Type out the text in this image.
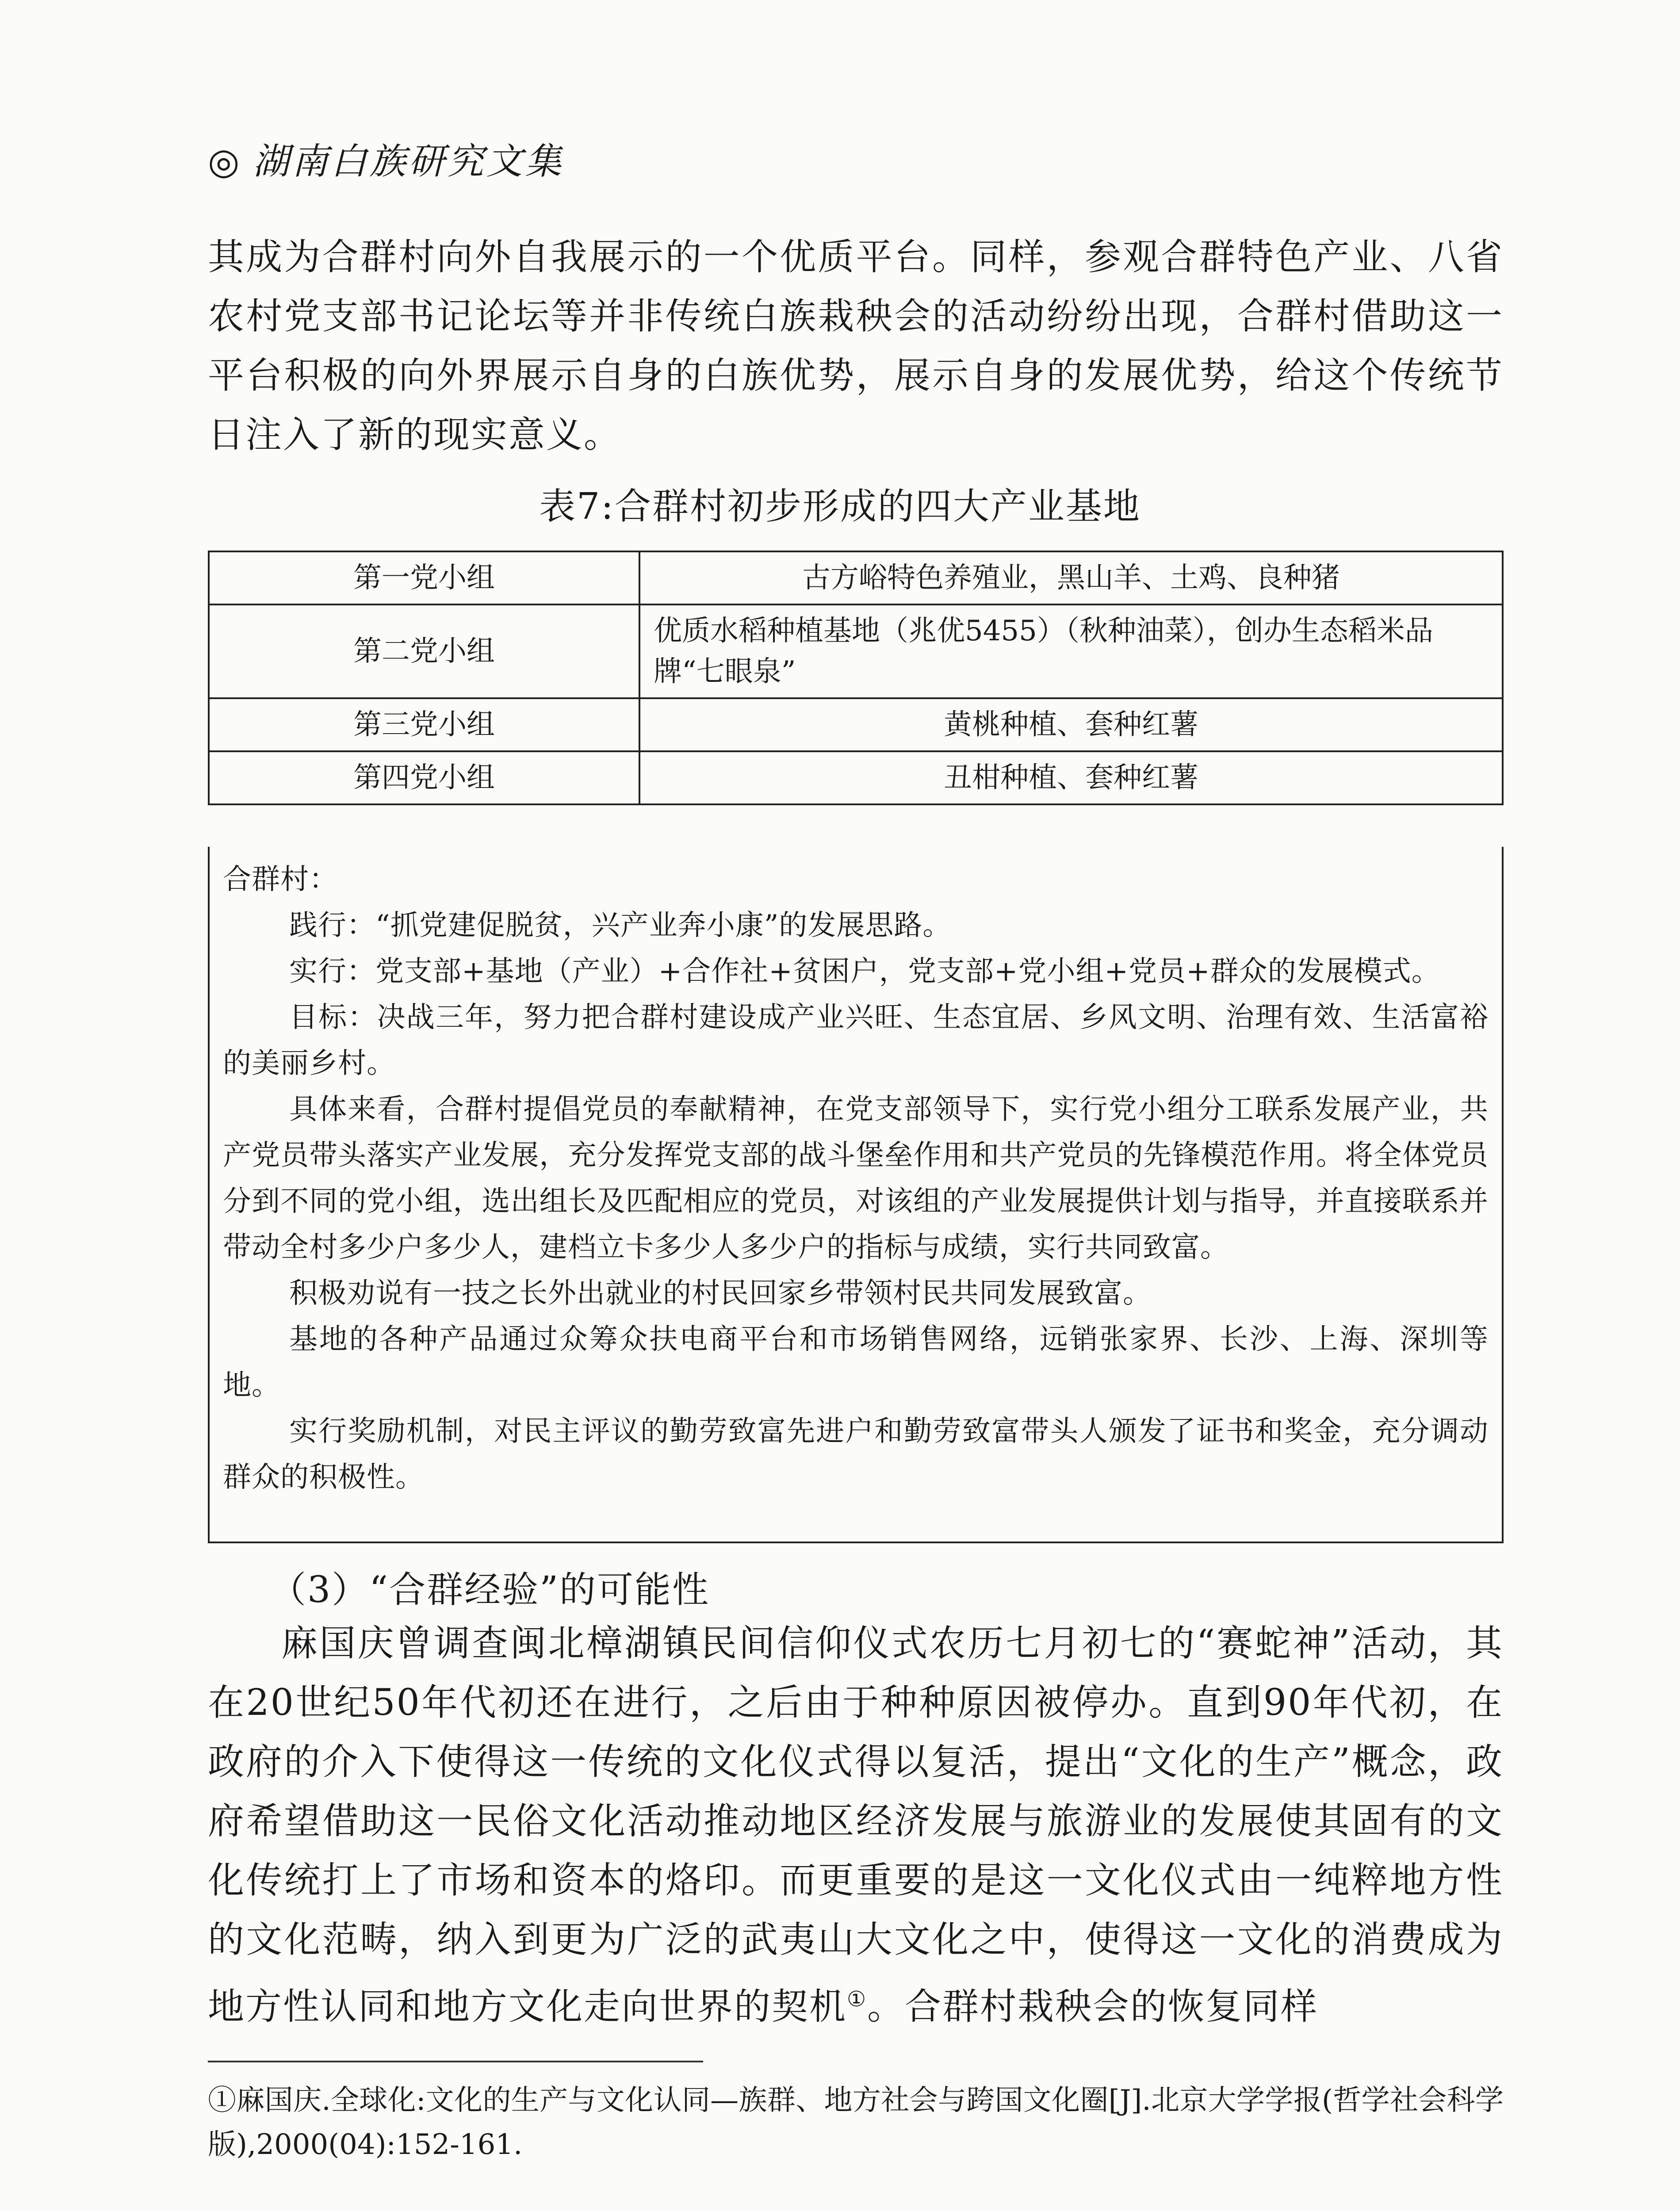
◎ 湖南白族研究文集
其成为合群村向外自我展示的一个优质平台。同样，参观合群特色产业、八省农村党支部书记论坛等并非传统白族栽秧会的活动纷纷出现，合群村借助这一平台积极的向外界展示自身的白族优势，展示自身的发展优势，给这个传统节日注入了新的现实意义。
表7:合群村初步形成的四大产业基地
第一党小组	古方峪特色养殖业，黑山羊、土鸡、良种猪
第二党小组	优质水稻种植基地（兆优5455）（秋种油菜），创办生态稻米品牌“七眼泉”
第三党小组	黄桃种植、套种红薯
第四党小组	丑柑种植、套种红薯

合群村：

践行：“抓党建促脱贫，兴产业奔小康”的发展思路。

实行：党支部+基地（产业）+合作社+贫困户，党支部+党小组+党员+群众的发展模式。

目标：决战三年，努力把合群村建设成产业兴旺、生态宜居、乡风文明、治理有效、生活富裕的美丽乡村。

具体来看，合群村提倡党员的奉献精神，在党支部领导下，实行党小组分工联系发展产业，共产党员带头落实产业发展，充分发挥党支部的战斗堡垒作用和共产党员的先锋模范作用。将全体党员分到不同的党小组，选出组长及匹配相应的党员，对该组的产业发展提供计划与指导，并直接联系并带动全村多少户多少人，建档立卡多少人多少户的指标与成绩，实行共同致富。

积极劝说有一技之长外出就业的村民回家乡带领村民共同发展致富。

基地的各种产品通过众筹众扶电商平台和市场销售网络，远销张家界、长沙、上海、深圳等地。

实行奖励机制，对民主评议的勤劳致富先进户和勤劳致富带头人颁发了证书和奖金，充分调动群众的积极性。

（3）“合群经验”的可能性
麻国庆曾调查闽北樟湖镇民间信仰仪式农历七月初七的“赛蛇神”活动，其在20世纪50年代初还在进行，之后由于种种原因被停办。直到90年代初，在政府的介入下使得这一传统的文化仪式得以复活，提出“文化的生产”概念，政府希望借助这一民俗文化活动推动地区经济发展与旅游业的发展使其固有的文化传统打上了市场和资本的烙印。而更重要的是这一文化仪式由一纯粹地方性的文化范畴，纳入到更为广泛的武夷山大文化之中，使得这一文化的消费成为地方性认同和地方文化走向世界的契机①。合群村栽秧会的恢复同样
①麻国庆.全球化:文化的生产与文化认同—族群、地方社会与跨国文化圈[J].北京大学学报(哲学社会科学版),2000(04):152-161.
